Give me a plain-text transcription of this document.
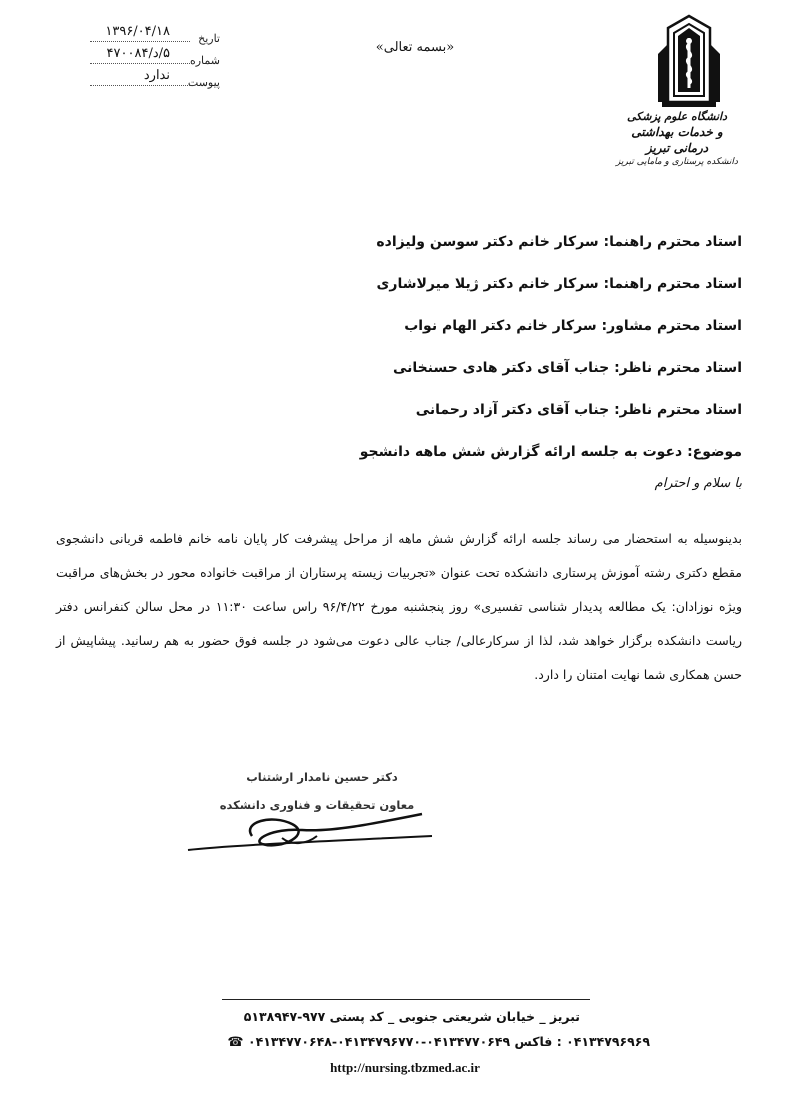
دانشگاه علوم پزشکی
و خدمات بهداشتی درمانی تبریز
دانشکده پرستاری و مامایی تبریز
«بسمه تعالی»
تاریخ
۱۳۹۶/۰۴/۱۸
شماره
۵/د/۴۷۰۰۸۴
پیوست
ندارد
استاد محترم راهنما: سرکار خانم دکتر سوسن ولیزاده
استاد محترم راهنما: سرکار خانم دکتر ژیلا میرلاشاری
استاد محترم مشاور: سرکار خانم دکتر الهام نواب
استاد محترم ناظر: جناب آقای دکتر هادی حسنخانی
استاد محترم ناظر: جناب آقای دکتر آزاد رحمانی
موضوع: دعوت به جلسه ارائه گزارش شش ماهه دانشجو
با سلام و احترام
بدینوسیله به استحضار می رساند جلسه ارائه گزارش شش ماهه از مراحل پیشرفت کار پایان نامه خانم فاطمه قربانی دانشجوی مقطع دکتری رشته آموزش پرستاری دانشکده تحت عنوان «تجربیات زیسته پرستاران از مراقبت خانواده محور در بخش‌های مراقبت ویژه نوزادان: یک مطالعه پدیدار شناسی تفسیری» روز پنجشنبه مورخ ۹۶/۴/۲۲ راس ساعت ۱۱:۳۰ در محل سالن کنفرانس دفتر ریاست دانشکده برگزار خواهد شد، لذا از سرکارعالی/ جناب عالی دعوت می‌شود در جلسه فوق حضور به هم رسانید. پیشاپیش از حسن همکاری شما نهایت امتنان را دارد.
دکتر حسین نامدار ارشتناب
معاون تحقیقات و فناوری دانشکده
تبریز _ خیابان شریعتی جنوبی _ کد پستی ۹۷۷-۵۱۳۸۹۴۷
۰۴۱۳۴۷۹۶۹۶۹ : فاکس ۰۴۱۳۴۷۷۰۶۴۹-۰۴۱۳۴۷۹۶۷۷۰-۰۴۱۳۴۷۷۰۶۴۸ ☎
http://nursing.tbzmed.ac.ir
